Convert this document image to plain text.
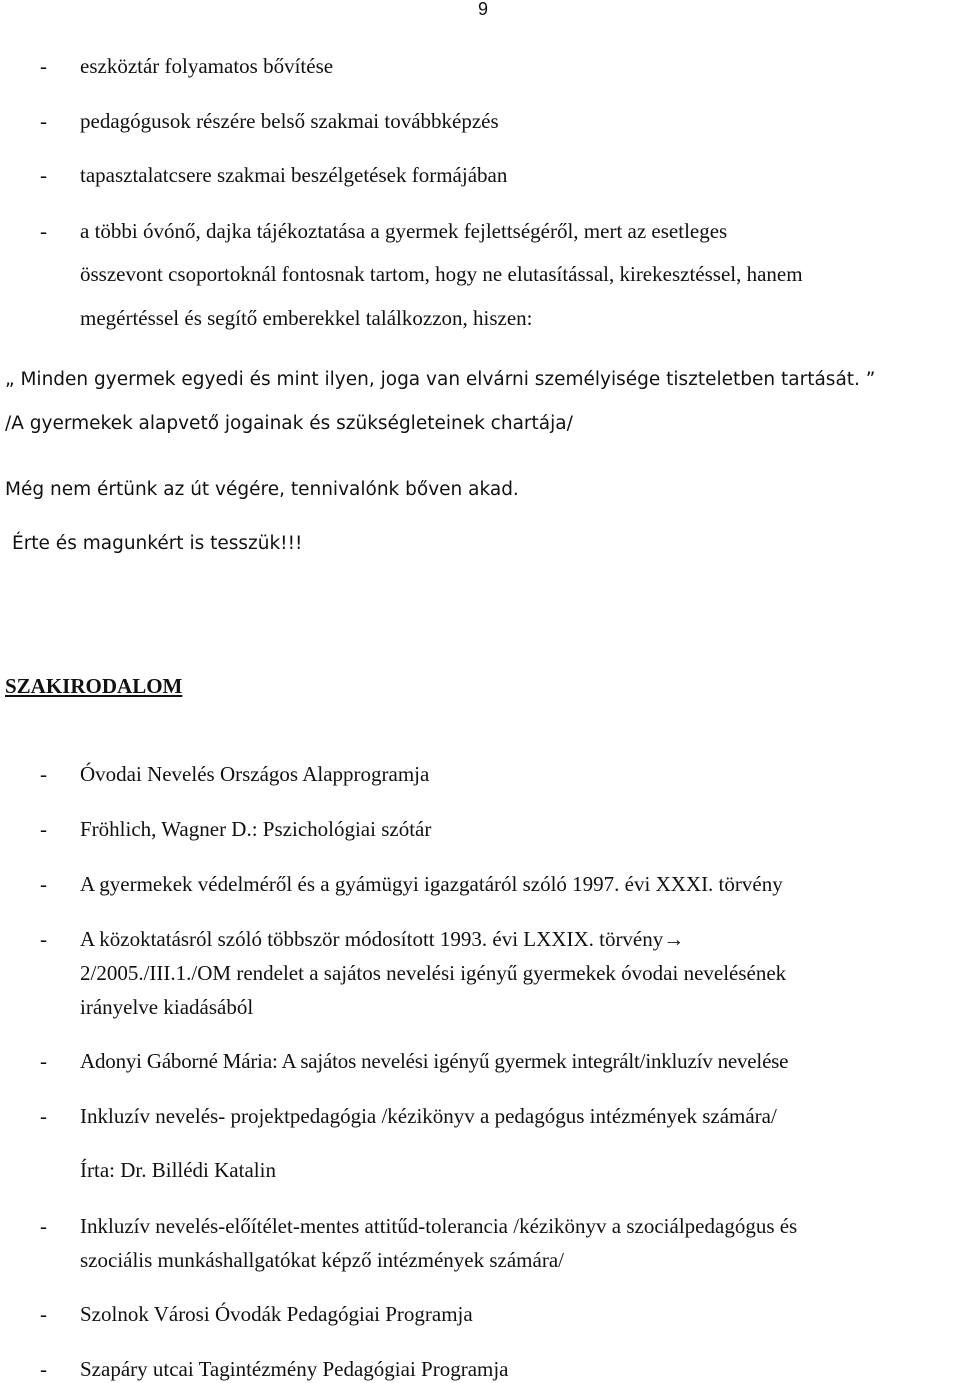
9
- eszköztár folyamatos bővítése
- pedagógusok részére belső szakmai továbbképzés
- tapasztalatcsere szakmai beszélgetések formájában
- a többi óvónő, dajka tájékoztatása a gyermek fejlettségéről, mert az esetleges
összevont csoportoknál fontosnak tartom, hogy ne elutasítással, kirekesztéssel, hanem
megértéssel és segítő emberekkel találkozzon, hiszen:
„ Minden gyermek egyedi és mint ilyen, joga van elvárni személyisége tiszteletben tartását. ”
/A gyermekek alapvető jogainak és szükségleteinek chartája/
Még nem értünk az út végére, tennivalónk bőven akad.
Érte és magunkért is tesszük!!!
SZAKIRODALOM
- Óvodai Nevelés Országos Alapprogramja
- Fröhlich, Wagner D.: Pszichológiai szótár
- A gyermekek védelméről és a gyámügyi igazgatáról szóló 1997. évi XXXI. törvény
- A közoktatásról szóló többször módosított 1993. évi LXXIX. törvény→
2/2005./III.1./OM rendelet a sajátos nevelési igényű gyermekek óvodai nevelésének
irányelve kiadásából
- Adonyi Gáborné Mária: A sajátos nevelési igényű gyermek integrált/inkluzív nevelése
- Inkluzív nevelés- projektpedagógia /kézikönyv a pedagógus intézmények számára/
Írta: Dr. Billédi Katalin
- Inkluzív nevelés-előítélet-mentes attitűd-tolerancia /kézikönyv a szociálpedagógus és
szociális munkáshallgatókat képző intézmények számára/
- Szolnok Városi Óvodák Pedagógiai Programja
- Szapáry utcai Tagintézmény Pedagógiai Programja
